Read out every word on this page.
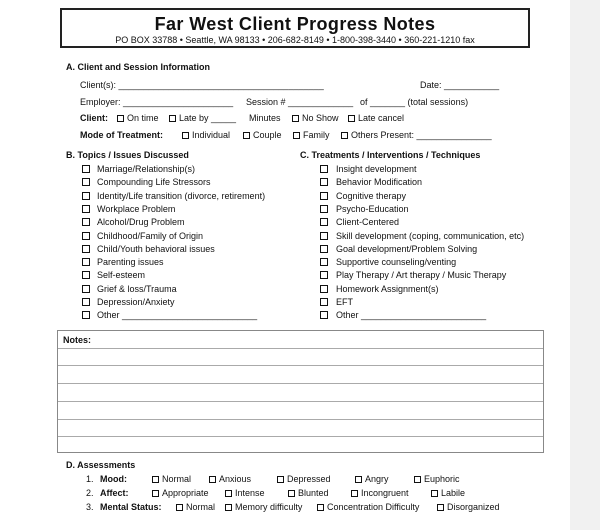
Far West Client Progress Notes
PO BOX 33788 • Seattle, WA 98133 • 206-682-8149 • 1-800-398-3440 • 360-221-1210 fax
A. Client and Session Information
Client(s): _________________________________________	Date: ___________
Employer: ______________________ Session # _____________ of _______ (total sessions)
Client:	On time	Late by _____ Minutes	No Show	Late cancel
Mode of Treatment:	Individual	Couple	Family	Others Present: _______________
B. Topics / Issues Discussed
Marriage/Relationship(s)
Compounding Life Stressors
Identity/Life transition (divorce, retirement)
Workplace Problem
Alcohol/Drug Problem
Childhood/Family of Origin
Child/Youth behavioral issues
Parenting issues
Self-esteem
Grief & loss/Trauma
Depression/Anxiety
Other ___________________________
C. Treatments / Interventions / Techniques
Insight development
Behavior Modification
Cognitive therapy
Psycho-Education
Client-Centered
Skill development (coping, communication, etc)
Goal development/Problem Solving
Supportive counseling/venting
Play Therapy / Art therapy / Music Therapy
Homework Assignment(s)
EFT
Other _________________________
Notes:
D. Assessments
1. Mood:	Normal	Anxious	Depressed	Angry	Euphoric
2. Affect:	Appropriate	Intense	Blunted	Incongruent	Labile
3. Mental Status:	Normal	Memory difficulty	Concentration Difficulty	Disorganized
